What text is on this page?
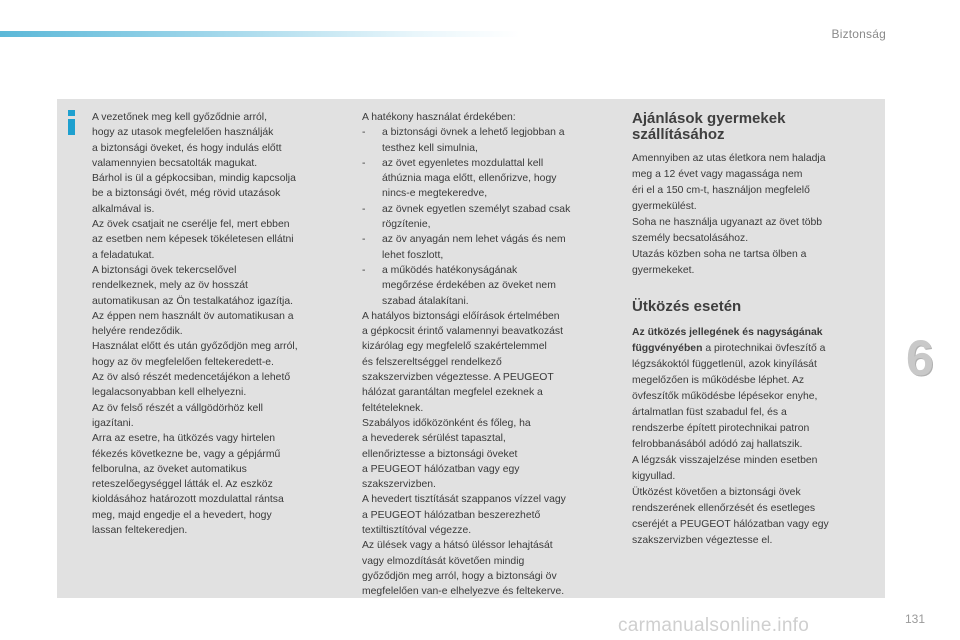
Biztonság

A vezetőnek meg kell győződnie arról,

hogy az utasok megfelelően használják

a biztonsági öveket, és hogy indulás előtt

valamennyien becsatolták magukat.

Bárhol is ül a gépkocsiban, mindig kapcsolja

be a biztonsági övét, még rövid utazások

alkalmával is.

Az övek csatjait ne cserélje fel, mert ebben

az esetben nem képesek tökéletesen ellátni

a feladatukat.

A biztonsági övek tekercselővel

rendelkeznek, mely az öv hosszát

automatikusan az Ön testalkatához igazítja.

Az éppen nem használt öv automatikusan a

helyére rendeződik.

Használat előtt és után győződjön meg arról,

hogy az öv megfelelően feltekeredett-e.

Az öv alsó részét medencetájékon a lehető

legalacsonyabban kell elhelyezni.

Az öv felső részét a vállgödörhöz kell

igazítani.

Arra az esetre, ha ütközés vagy hirtelen

fékezés következne be, vagy a gépjármű

felborulna, az öveket automatikus

reteszelőegységgel látták el. Az eszköz

kioldásához határozott mozdulattal rántsa

meg, majd engedje el a hevedert, hogy

lassan feltekeredjen.

A hatékony használat érdekében:

- a biztonsági övnek a lehető legjobban a

testhez kell simulnia,

- az övet egyenletes mozdulattal kell

áthúznia maga előtt, ellenőrizve, hogy

nincs-e megtekeredve,

- az övnek egyetlen személyt szabad csak

rögzítenie,

- az öv anyagán nem lehet vágás és nem

lehet foszlott,

- a működés hatékonyságának

megőrzése érdekében az öveket nem

szabad átalakítani.

A hatályos biztonsági előírások értelmében

a gépkocsit érintő valamennyi beavatkozást

kizárólag egy megfelelő szakértelemmel

és felszereltséggel rendelkező

szakszervizben végeztesse. A PEUGEOT

hálózat garantáltan megfelel ezeknek a

feltételeknek.

Szabályos időközönként és főleg, ha

a hevederek sérülést tapasztal,

ellenőriztesse a biztonsági öveket

a PEUGEOT hálózatban vagy egy

szakszervizben.

A hevedert tisztítását szappanos vízzel vagy

a PEUGEOT hálózatban beszerezhető

textiltisztítóval végezze.

Az ülések vagy a hátsó üléssor lehajtását

vagy elmozdítását követően mindig

győződjön meg arról, hogy a biztonsági öv

megfelelően van-e elhelyezve és feltekerve.

Ajánlások gyermekek

szállításához

Amennyiben az utas életkora nem haladja

meg a 12 évet vagy magassága nem

éri el a 150 cm-t, használjon megfelelő

gyermekülést.

Soha ne használja ugyanazt az övet több

személy becsatolásához.

Utazás közben soha ne tartsa ölben a

gyermekeket.

Ütközés esetén

Az ütközés jellegének és nagyságának

függvényében a pirotechnikai övfeszítő a

légzsákoktól függetlenül, azok kinyílását

megelőzően is működésbe léphet. Az

övfeszítők működésbe lépésekor enyhe,

ártalmatlan füst szabadul fel, és a

rendszerbe épített pirotechnikai patron

felrobbanásából adódó zaj hallatszik.

A légzsák visszajelzése minden esetben

kigyullad.

Ütközést követően a biztonsági övek

rendszerének ellenőrzését és esetleges

cseréjét a PEUGEOT hálózatban vagy egy

szakszervizben végeztesse el.

6
131
carmanualsonline.info
